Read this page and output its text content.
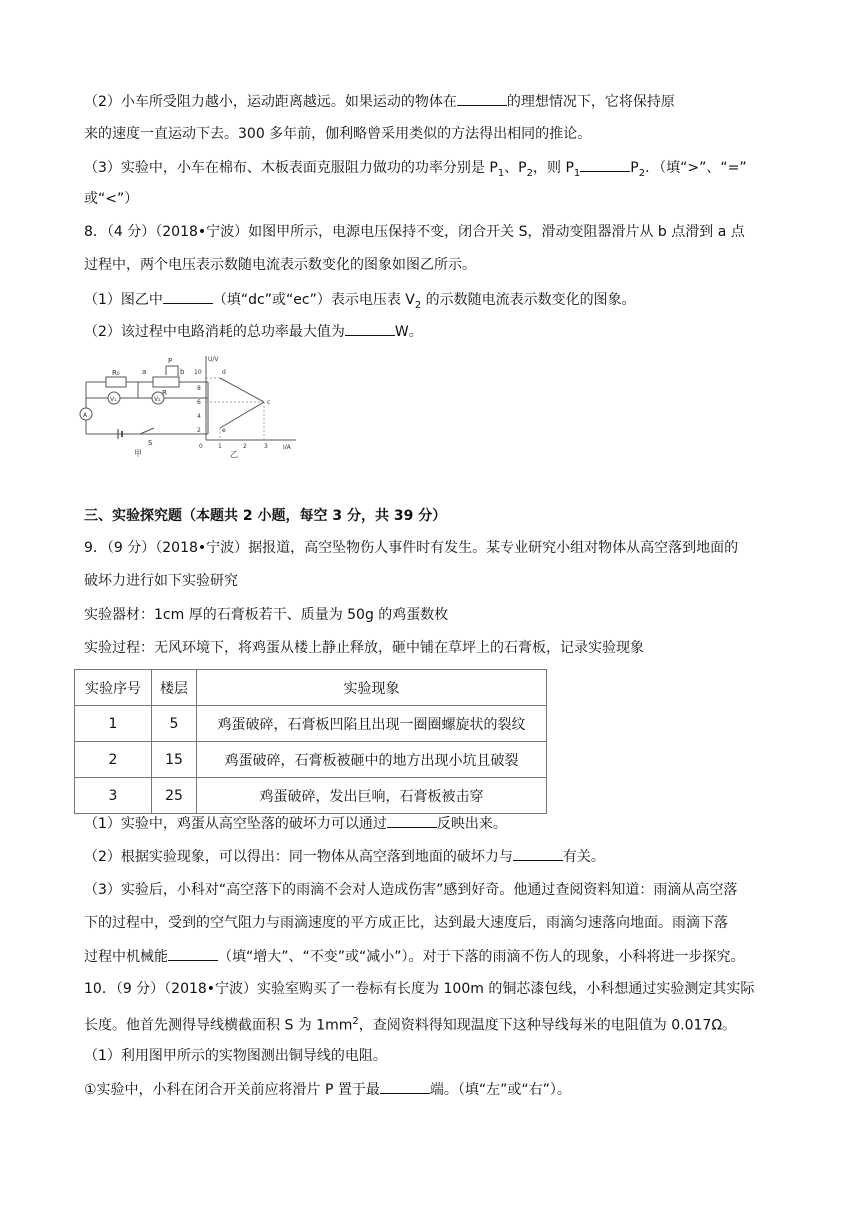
（2）小车所受阻力越小，运动距离越远。如果运动的物体在	的理想情况下，它将保持原
来的速度一直运动下去。300 多年前，伽利略曾采用类似的方法得出相同的推论。
（3）实验中，小车在棉布、木板表面克服阻力做功的功率分别是 $P_1$、$P_2$，则 $P_1$	$P_2$．（填“>”、“=”
或“<”）
8．（4 分）（2018•宁波）如图甲所示，电源电压保持不变，闭合开关 S，滑动变阻器滑片从 b 点滑到 a 点
过程中，两个电压表示数随电流表示数变化的图象如图乙所示。
（1）图乙中	（填“dc”或“ec”）表示电压表 $V_2$ 的示数随电流表示数变化的图象。
（2）该过程中电路消耗的总功率最大值为	W。
R₀	a
P
b
R
V₁	V₂
A
S
甲
U/V
I/A
10
8
6
4
2
0	1	2	3
d
c
e
乙
三、实验探究题（本题共 2 小题，每空 3 分，共 39 分）
9．（9 分）（2018•宁波）据报道，高空坠物伤人事件时有发生。某专业研究小组对物体从高空落到地面的
破坏力进行如下实验研究
实验器材：1cm 厚的石膏板若干、质量为 50g 的鸡蛋数枚
实验过程：无风环境下，将鸡蛋从楼上静止释放，砸中铺在草坪上的石膏板，记录实验现象
实验序号	楼层	实验现象
1	5	鸡蛋破碎，石膏板凹陷且出现一圈圈螺旋状的裂纹
2	15	鸡蛋破碎，石膏板被砸中的地方出现小坑且破裂
3	25	鸡蛋破碎，发出巨响，石膏板被击穿
（1）实验中，鸡蛋从高空坠落的破坏力可以通过	反映出来。
（2）根据实验现象，可以得出：同一物体从高空落到地面的破坏力与	有关。
（3）实验后，小科对“高空落下的雨滴不会对人造成伤害”感到好奇。他通过查阅资料知道：雨滴从高空落
下的过程中，受到的空气阻力与雨滴速度的平方成正比，达到最大速度后，雨滴匀速落向地面。雨滴下落
过程中机械能	（填“增大”、“不变”或“减小”）。对于下落的雨滴不伤人的现象，小科将进一步探究。
10．（9 分）（2018•宁波）实验室购买了一卷标有长度为 100m 的铜芯漆包线，小科想通过实验测定其实际
长度。他首先测得导线横截面积 S 为 $1mm^2$，查阅资料得知现温度下这种导线每米的电阻值为 0.017Ω。
（1）利用图甲所示的实物图测出铜导线的电阻。
①实验中，小科在闭合开关前应将滑片 P 置于最	端。（填“左”或“右”）。
